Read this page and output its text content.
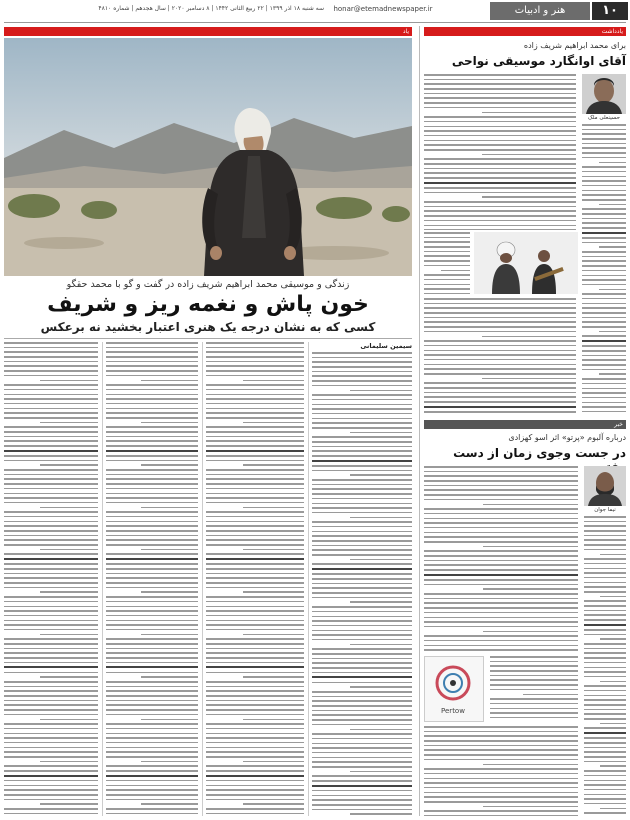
۱۰
هنر و ادبیات
honar@etemadnewspaper.ir
سه شنبه ۱۸ آذر ۱۳۹۹ | ۲۲ ربیع الثانی ۱۴۴۲ | ۸ دسامبر ۲۰۲۰ | سال هجدهم | شماره ۴۸۱۰
یاد	یادداشت
زندگی و موسیقی محمد ابراهیم شریف زاده در گفت و گو با محمد حقگو
خون پاش و نغمه ریز و شریف
کسی که به نشان درجه یک هنری اعتبار بخشید نه برعکس
سیمین سلیمانی
برای محمد ابراهیم شریف زاده
آقای اوانگارد موسیقی نواحی
حسینعلی ملک
خبر
درباره آلبوم «پرتو» اثر اسو کهزادی
در جست وجوی زمان از دست
نیما جوان
Pertow
